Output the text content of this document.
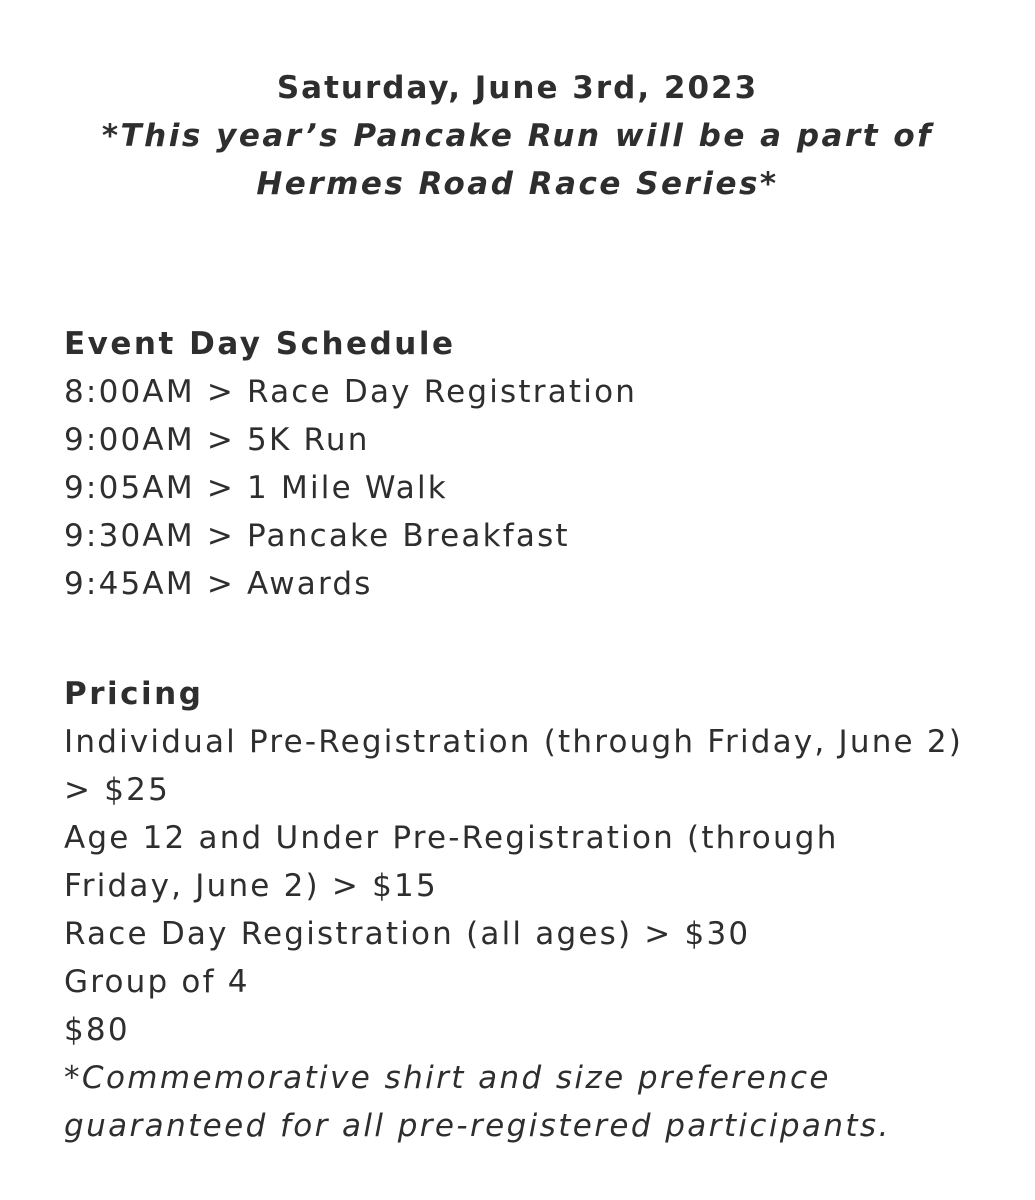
Saturday, June 3rd, 2023
*This year’s Pancake Run will be a part of
Hermes Road Race Series*
Event Day Schedule
8:00AM > Race Day Registration
9:00AM > 5K Run
9:05AM > 1 Mile Walk
9:30AM > Pancake Breakfast
9:45AM > Awards
Pricing
Individual Pre-Registration (through Friday, June 2) > $25
Age 12 and Under Pre-Registration (through Friday, June 2) > $15
Race Day Registration (all ages) > $30
Group of 4
$80
*Commemorative shirt and size preference
guaranteed for all pre-registered participants.
